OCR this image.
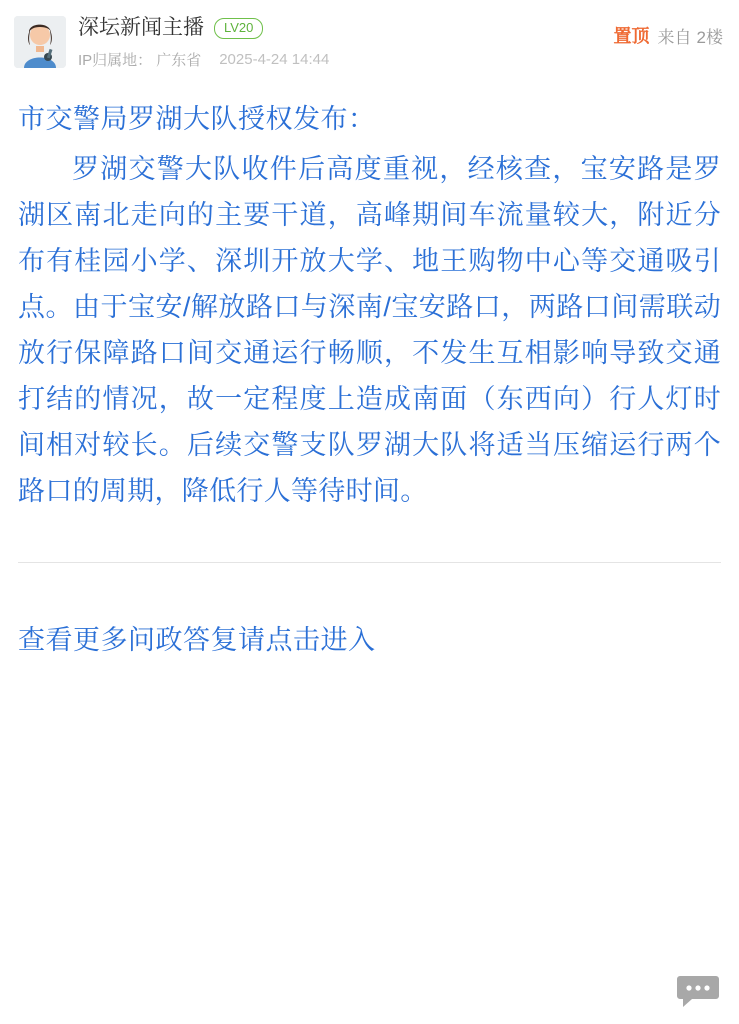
深坛新闻主播	LV20
IP归属地： 广东省 2025-4-24 14:44
置顶 来自 2楼
市交警局罗湖大队授权发布：
罗湖交警大队收件后高度重视，经核查，宝安路是罗湖区南北走向的主要干道，高峰期间车流量较大，附近分布有桂园小学、深圳开放大学、地王购物中心等交通吸引点。由于宝安/解放路口与深南/宝安路口，两路口间需联动放行保障路口间交通运行畅顺，不发生互相影响导致交通打结的情况，故一定程度上造成南面（东西向）行人灯时间相对较长。后续交警支队罗湖大队将适当压缩运行两个路口的周期，降低行人等待时间。
查看更多问政答复请点击进入
